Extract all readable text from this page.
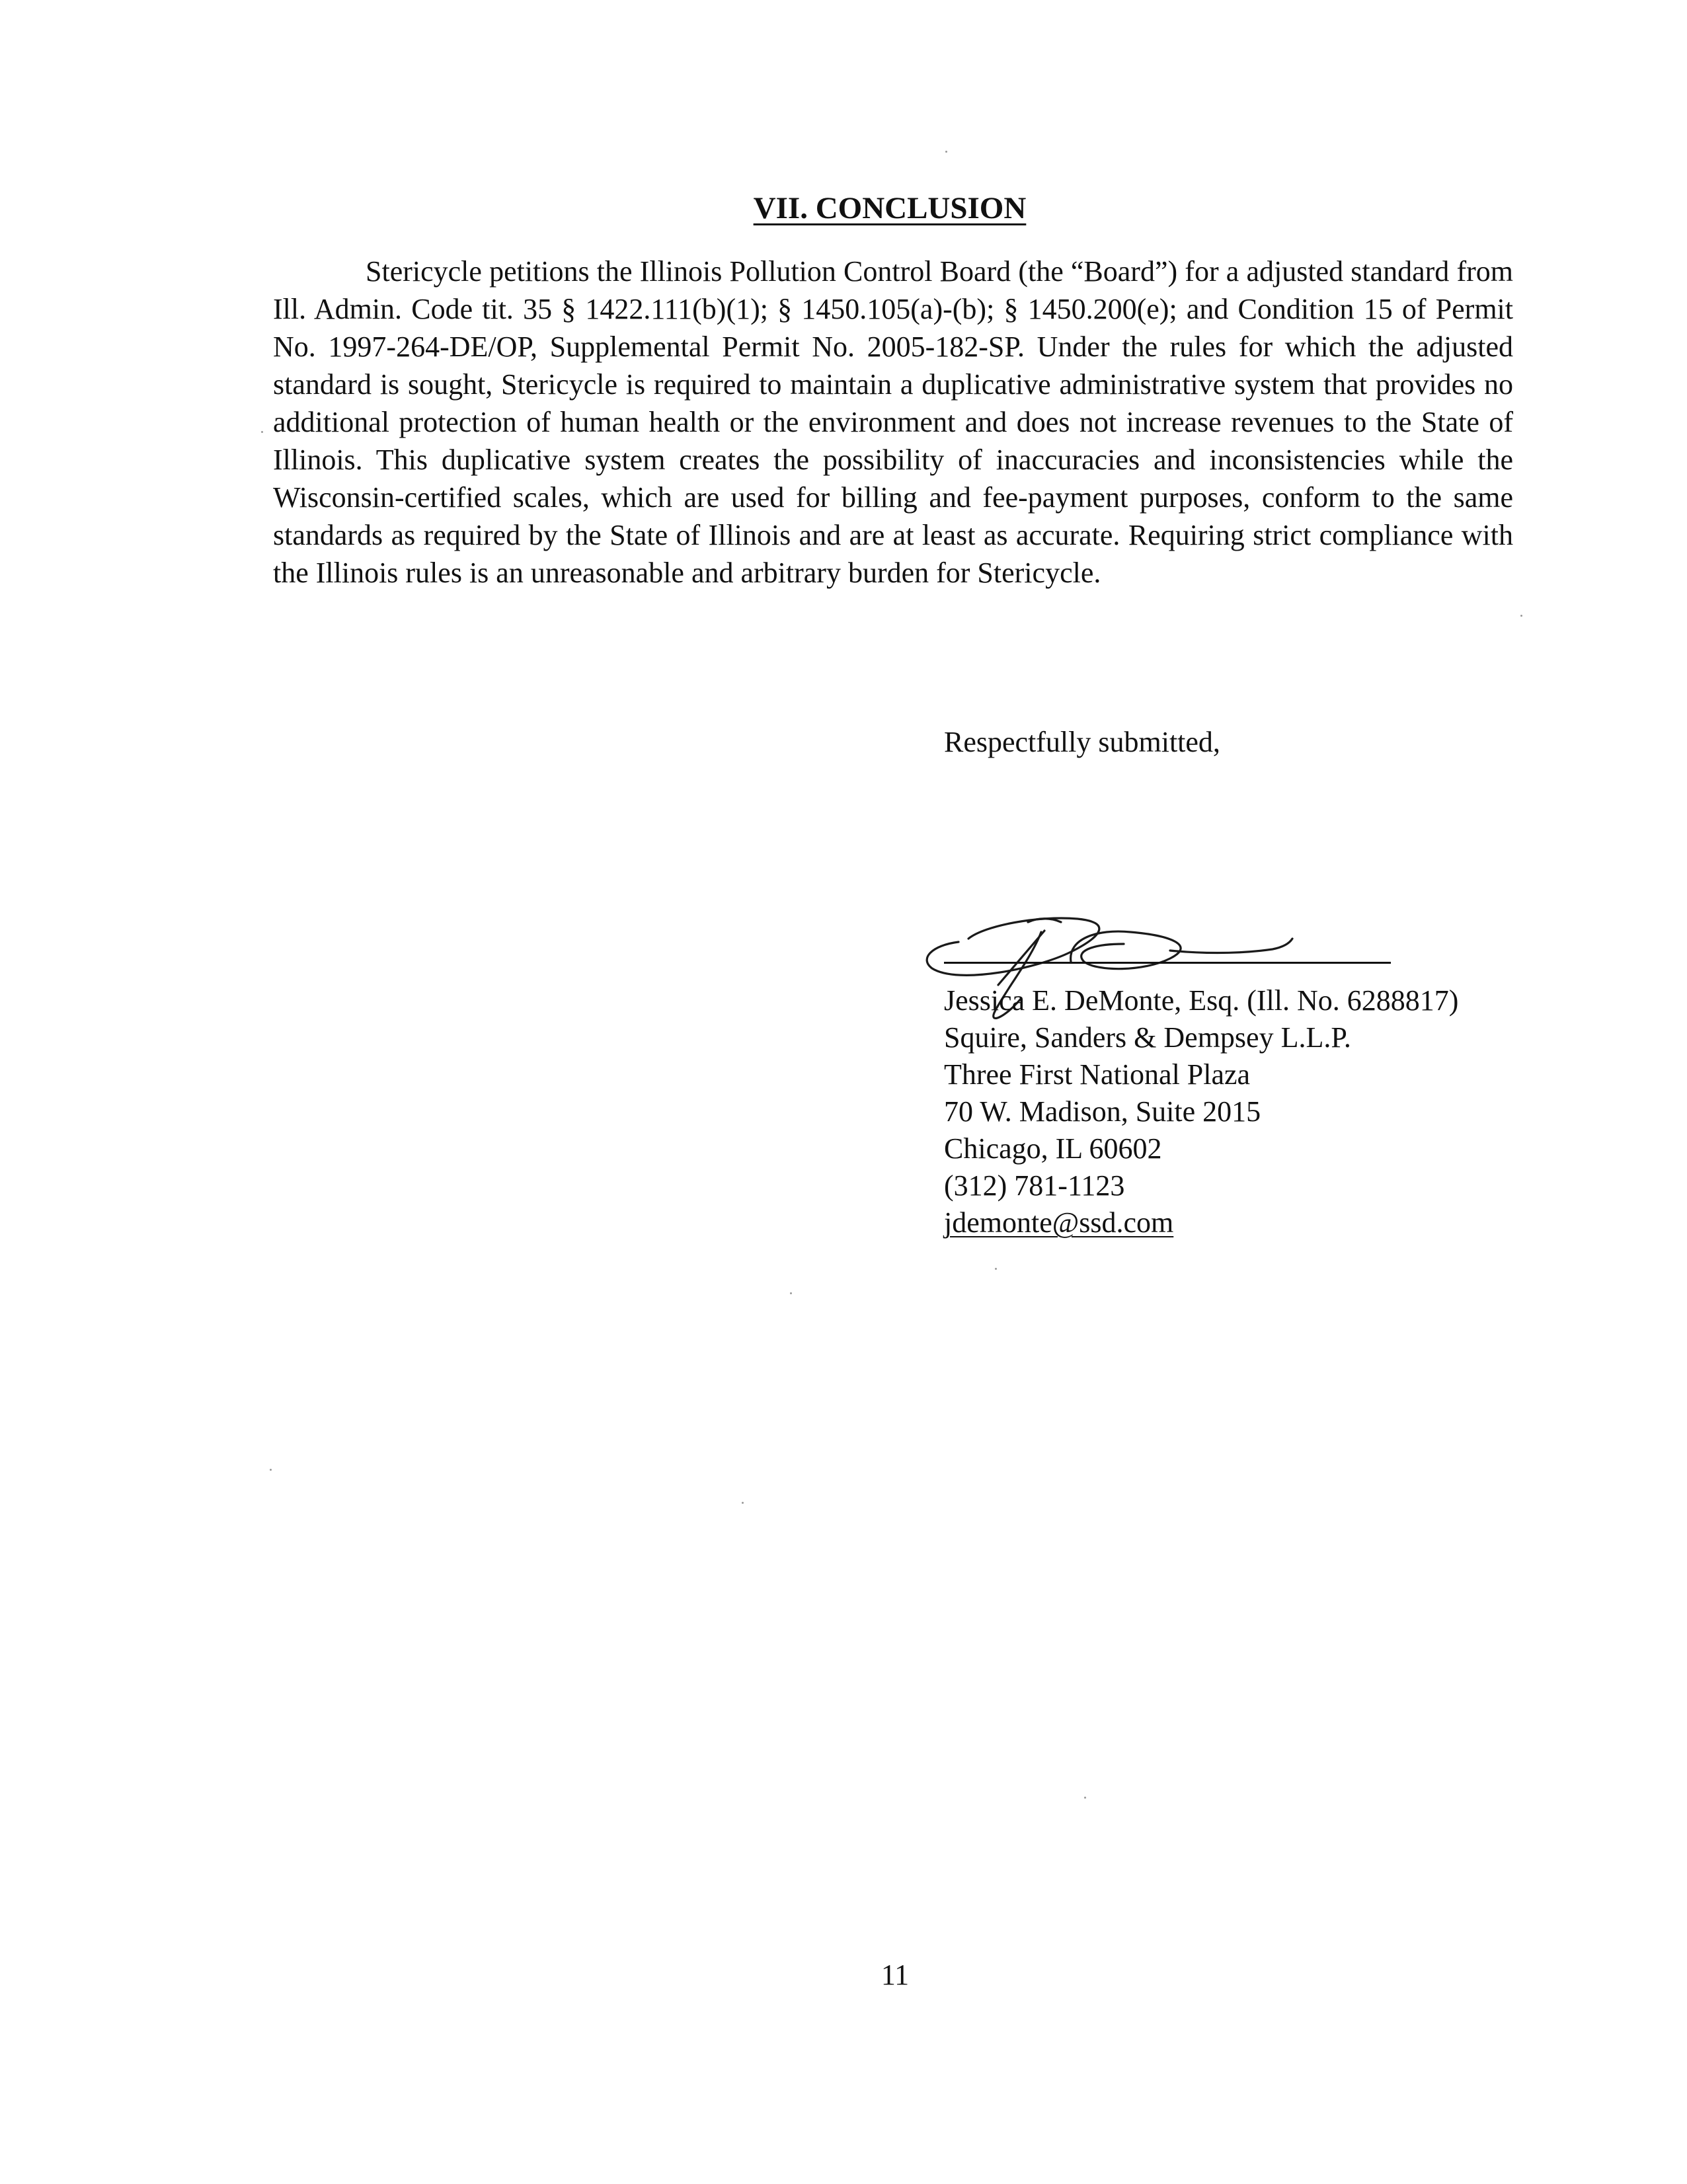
VII. CONCLUSION

Stericycle petitions the Illinois Pollution Control Board (the “Board”) for a adjusted standard from Ill. Admin. Code tit. 35 § 1422.111(b)(1); § 1450.105(a)-(b); § 1450.200(e); and Condition 15 of Permit No. 1997-264-DE/OP, Supplemental Permit No. 2005-182-SP. Under the rules for which the adjusted standard is sought, Stericycle is required to maintain a duplicative administrative system that provides no additional protection of human health or the environment and does not increase revenues to the State of Illinois. This duplicative system creates the possibility of inaccuracies and inconsistencies while the Wisconsin-certified scales, which are used for billing and fee-payment purposes, conform to the same standards as required by the State of Illinois and are at least as accurate. Requiring strict compliance with the Illinois rules is an unreasonable and arbitrary burden for Stericycle.

Respectfully submitted,
Jessica E. DeMonte, Esq. (Ill. No. 6288817)
Squire, Sanders & Dempsey L.L.P.
Three First National Plaza
70 W. Madison, Suite 2015
Chicago, IL 60602
(312) 781-1123
jdemonte@ssd.com
11
